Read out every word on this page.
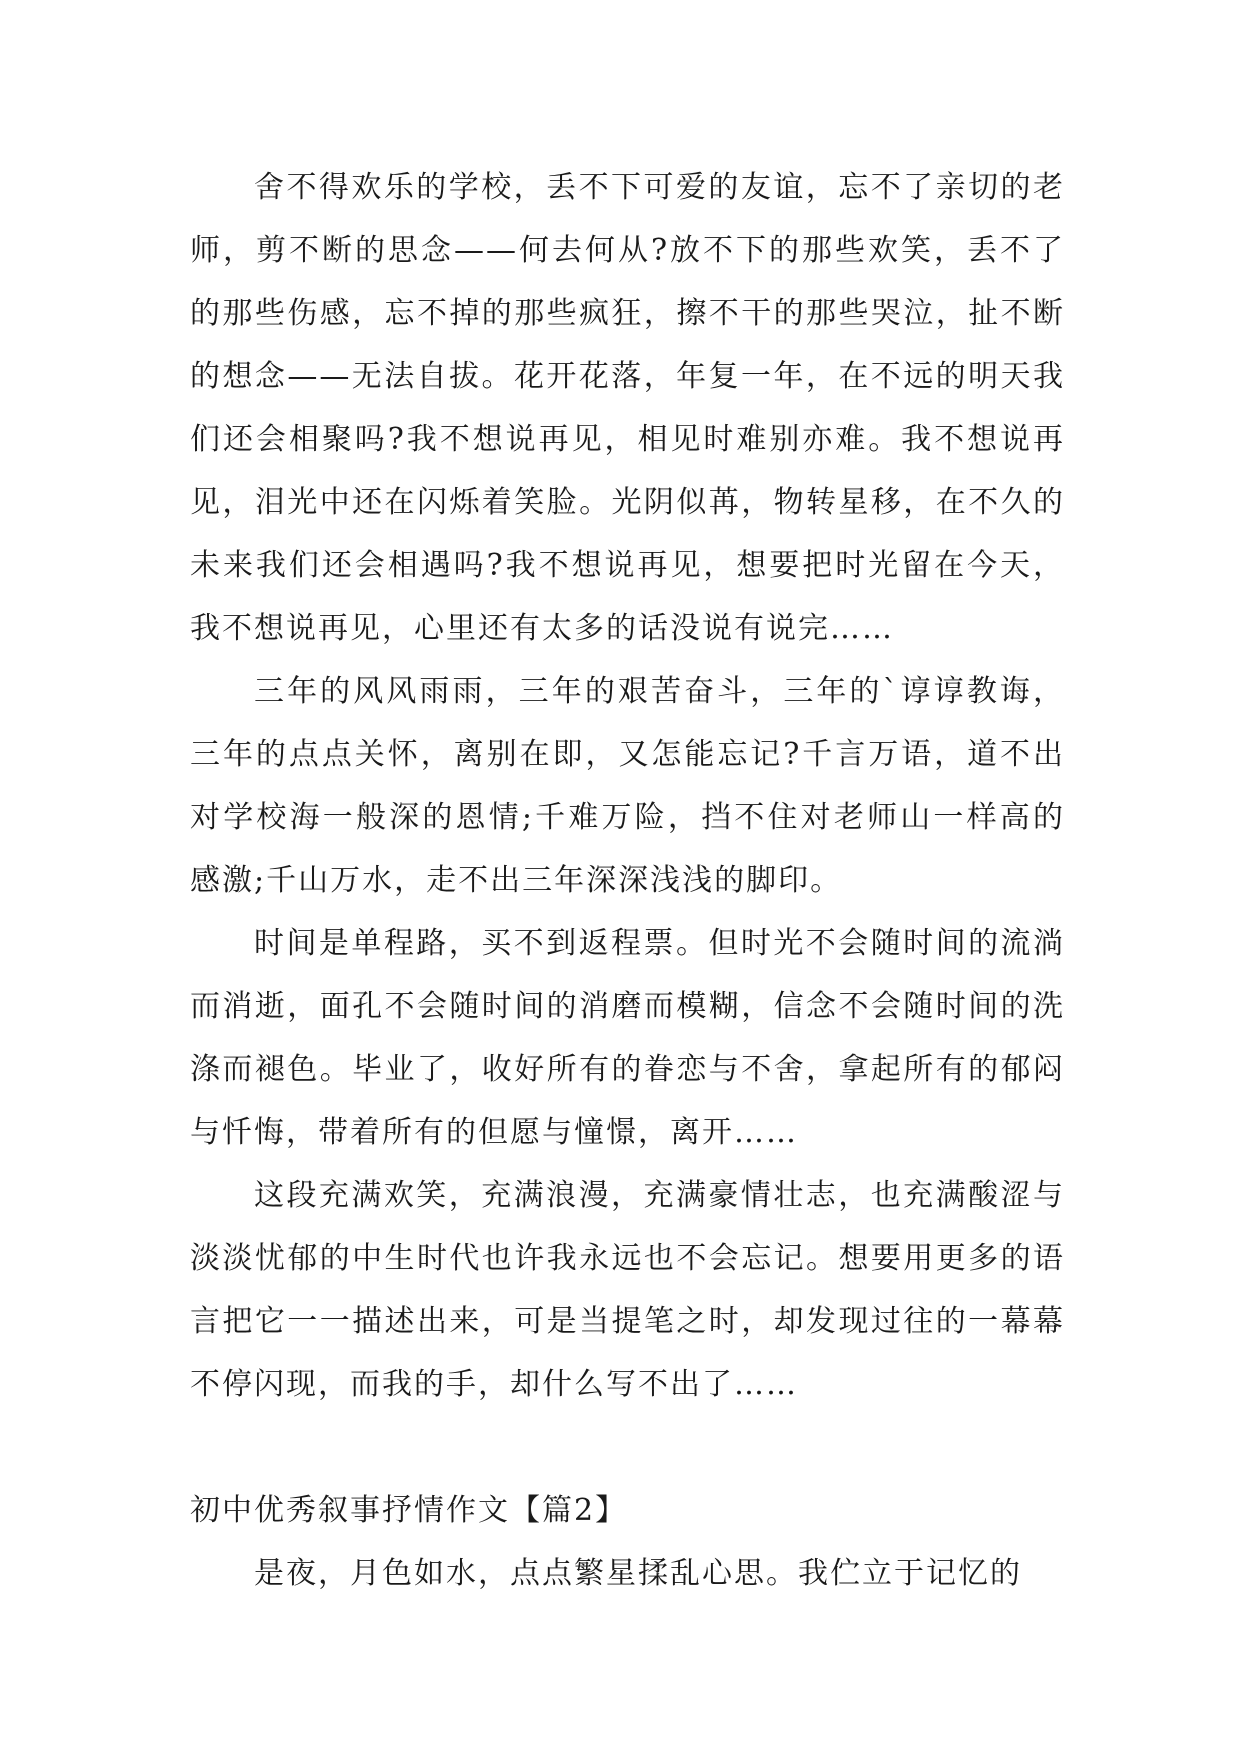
舍不得欢乐的学校，丢不下可爱的友谊，忘不了亲切的老师，剪不断的思念——何去何从?放不下的那些欢笑，丢不了的那些伤感，忘不掉的那些疯狂，擦不干的那些哭泣，扯不断的想念——无法自拔。花开花落，年复一年，在不远的明天我们还会相聚吗?我不想说再见，相见时难别亦难。我不想说再见，泪光中还在闪烁着笑脸。光阴似苒，物转星移，在不久的未来我们还会相遇吗?我不想说再见，想要把时光留在今天，我不想说再见，心里还有太多的话没说有说完……

三年的风风雨雨，三年的艰苦奋斗，三年的`谆谆教诲，三年的点点关怀，离别在即，又怎能忘记?千言万语，道不出对学校海一般深的恩情;千难万险，挡不住对老师山一样高的感激;千山万水，走不出三年深深浅浅的脚印。

时间是单程路，买不到返程票。但时光不会随时间的流淌而消逝，面孔不会随时间的消磨而模糊，信念不会随时间的洗涤而褪色。毕业了，收好所有的眷恋与不舍，拿起所有的郁闷与忏悔，带着所有的但愿与憧憬，离开……

这段充满欢笑，充满浪漫，充满豪情壮志，也充满酸涩与淡淡忧郁的中生时代也许我永远也不会忘记。想要用更多的语言把它一一描述出来，可是当提笔之时，却发现过往的一幕幕不停闪现，而我的手，却什么写不出了……

初中优秀叙事抒情作文【篇2】

是夜，月色如水，点点繁星揉乱心思。我伫立于记忆的
